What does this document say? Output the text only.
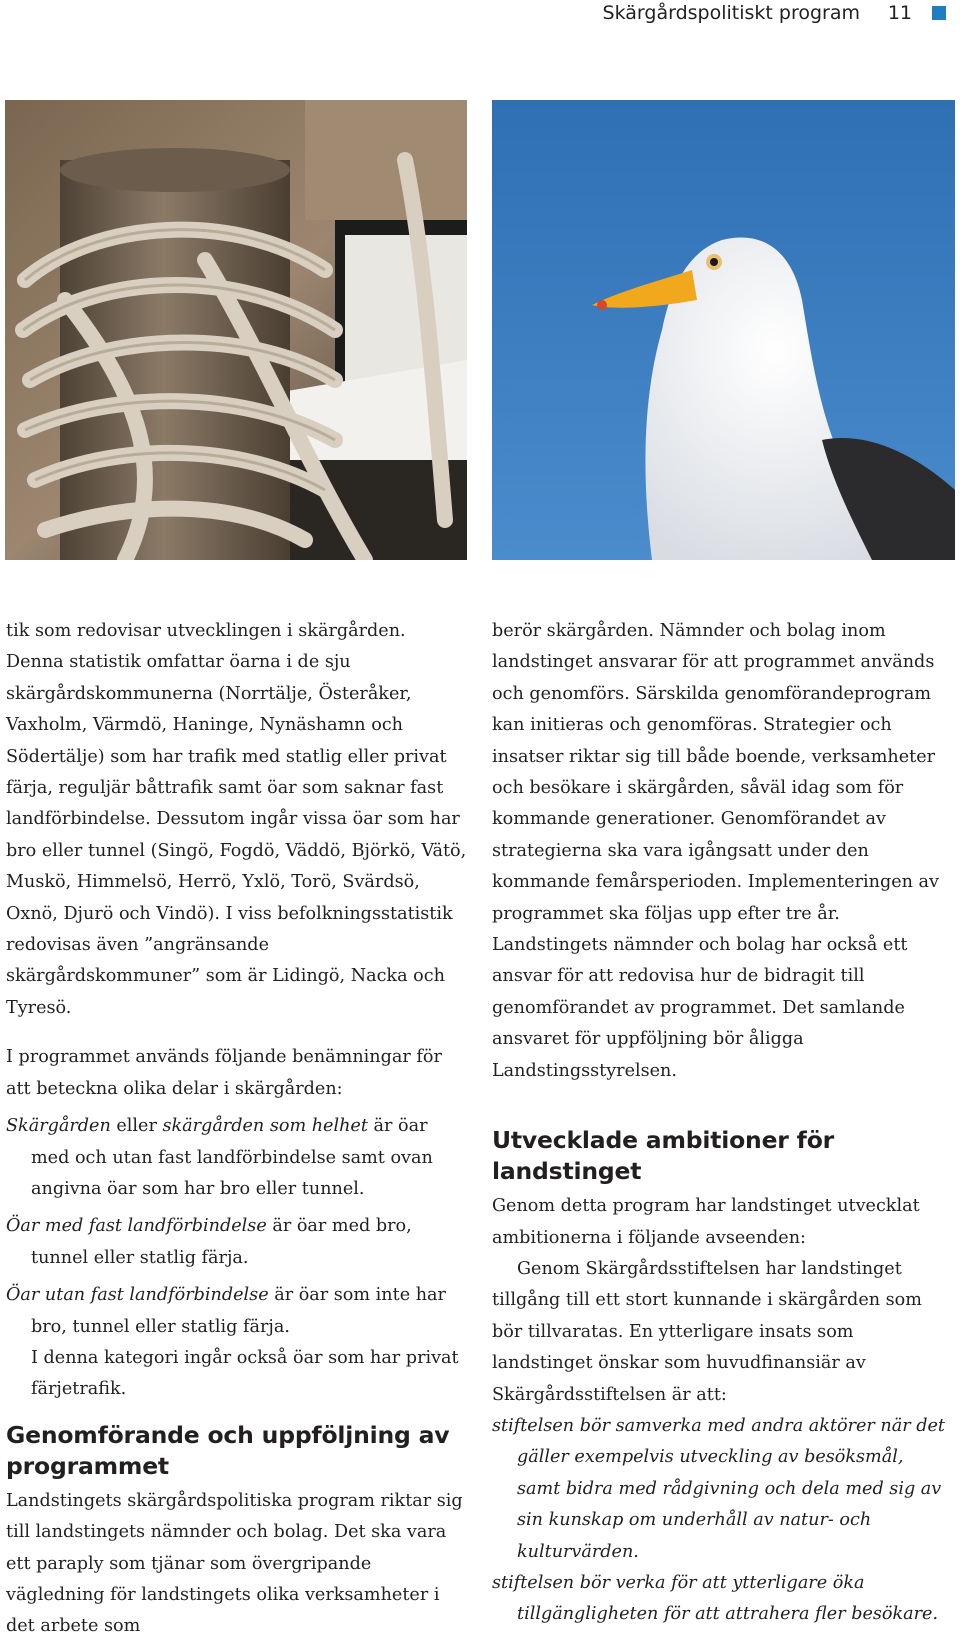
Skärgårdspolitiskt program 11

tik som redovisar utvecklingen i skärgården. Denna statistik omfattar öarna i de sju skärgårdskommunerna (Norrtälje, Österåker, Vaxholm, Värmdö, Haninge, Nynäshamn och Södertälje) som har trafik med statlig eller privat färja, reguljär båttrafik samt öar som saknar fast landförbindelse. Dessutom ingår vissa öar som har bro eller tunnel (Singö, Fogdö, Väddö, Björkö, Vätö, Muskö, Himmelsö, Herrö, Yxlö, Torö, Svärdsö, Oxnö, Djurö och Vindö). I viss befolkningsstatistik redovisas även ”angränsande skärgårdskommuner” som är Lidingö, Nacka och Tyresö.

I programmet används följande benämningar för att beteckna olika delar i skärgården:

Skärgården eller skärgården som helhet är öar med och utan fast landförbindelse samt ovan angivna öar som har bro eller tunnel.

Öar med fast landförbindelse är öar med bro, tunnel eller statlig färja.

Öar utan fast landförbindelse är öar som inte har bro, tunnel eller statlig färja.

I denna kategori ingår också öar som har privat färjetrafik.

Genomförande och uppföljning av programmet

Landstingets skärgårdspolitiska program riktar sig till landstingets nämnder och bolag. Det ska vara ett paraply som tjänar som övergripande vägledning för landstingets olika verksamheter i det arbete som

berör skärgården. Nämnder och bolag inom landstinget ansvarar för att programmet används och genomförs. Särskilda genomförandeprogram kan initieras och genomföras. Strategier och insatser riktar sig till både boende, verksamheter och besökare i skärgården, såväl idag som för kommande generationer. Genomförandet av strategierna ska vara igångsatt under den kommande femårsperioden. Implementeringen av programmet ska följas upp efter tre år. Landstingets nämnder och bolag har också ett ansvar för att redovisa hur de bidragit till genomförandet av programmet. Det samlande ansvaret för uppföljning bör åligga Landstingsstyrelsen.

Utvecklade ambitioner för landstinget

Genom detta program har landstinget utvecklat ambitionerna i följande avseenden:

Genom Skärgårdsstiftelsen har landstinget tillgång till ett stort kunnande i skärgården som bör tillvaratas. En ytterligare insats som landstinget önskar som huvudfinansiär av Skärgårdsstiftelsen är att:

stiftelsen bör samverka med andra aktörer när det gäller exempelvis utveckling av besöksmål, samt bidra med rådgivning och dela med sig av sin kunskap om underhåll av natur- och kulturvärden.

stiftelsen bör verka för att ytterligare öka tillgängligheten för att attrahera fler besökare.
